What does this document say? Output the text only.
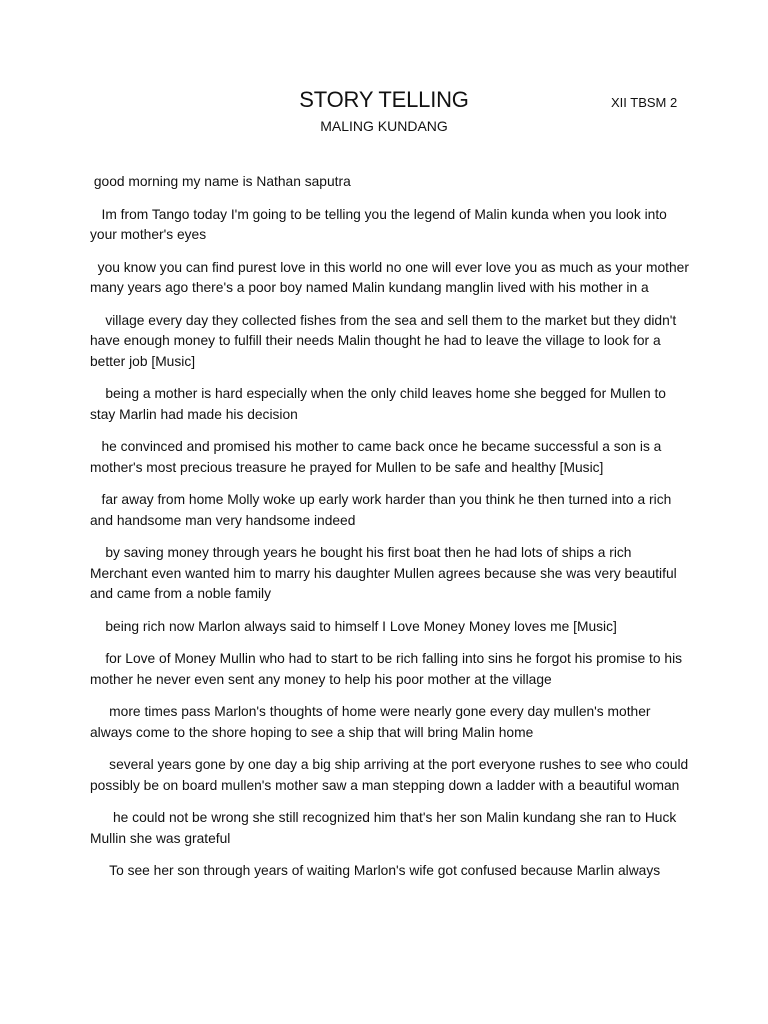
STORY TELLING	XII TBSM 2
MALING KUNDANG

good morning my name is Nathan saputra

Im from Tango today I'm going to be telling you the legend of Malin kunda when you look into your mother's eyes

you know you can find purest love in this world no one will ever love you as much as your mother many years ago there's a poor boy named Malin kundang manglin lived with his mother in a

village every day they collected fishes from the sea and sell them to the market but they didn't have enough money to fulfill their needs Malin thought he had to leave the village to look for a better job [Music]

being a mother is hard especially when the only child leaves home she begged for Mullen to stay Marlin had made his decision

he convinced and promised his mother to came back once he became successful a son is a mother's most precious treasure he prayed for Mullen to be safe and healthy [Music]

far away from home Molly woke up early work harder than you think he then turned into a rich and handsome man very handsome indeed

by saving money through years he bought his first boat then he had lots of ships a rich Merchant even wanted him to marry his daughter Mullen agrees because she was very beautiful and came from a noble family

being rich now Marlon always said to himself I Love Money Money loves me [Music]

for Love of Money Mullin who had to start to be rich falling into sins he forgot his promise to his mother he never even sent any money to help his poor mother at the village

more times pass Marlon's thoughts of home were nearly gone every day mullen's mother always come to the shore hoping to see a ship that will bring Malin home

several years gone by one day a big ship arriving at the port everyone rushes to see who could possibly be on board mullen's mother saw a man stepping down a ladder with a beautiful woman

he could not be wrong she still recognized him that's her son Malin kundang she ran to Huck Mullin she was grateful

To see her son through years of waiting Marlon's wife got confused because Marlin always
